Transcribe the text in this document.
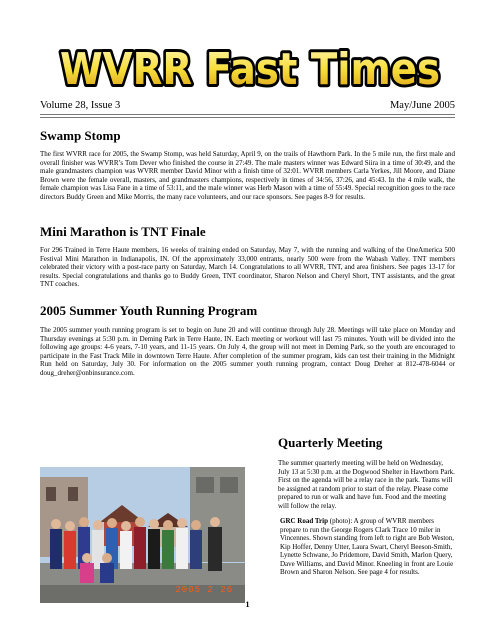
WVRR Fast Times
Volume 28, Issue 3	May/June 2005
Swamp Stomp

The first WVRR race for 2005, the Swamp Stomp, was held Saturday, April 9, on the trails of Hawthorn Park. In the 5 mile run, the first male and overall finisher was WVRR’s Tom Dever who finished the course in 27:49. The male masters winner was Edward Siira in a time of 30:49, and the male grandmasters champion was WVRR member David Minor with a finish time of 32:01. WVRR members Carla Yerkes, Jill Moore, and Diane Brown were the female overall, masters, and grandmasters champions, respectively in times of 34:56, 37:26, and 45:43. In the 4 mile walk, the female champion was Lisa Fane in a time of 53:11, and the male winner was Herb Mason with a time of 55:49. Special recognition goes to the race directors Buddy Green and Mike Morris, the many race volunteers, and our race sponsors. See pages 8-9 for results.

Mini Marathon is TNT Finale

For 296 Trained in Terre Haute members, 16 weeks of training ended on Saturday, May 7, with the running and walking of the OneAmerica 500 Festival Mini Marathon in Indianapolis, IN. Of the approximately 33,000 entrants, nearly 500 were from the Wabash Valley. TNT members celebrated their victory with a post-race party on Saturday, March 14. Congratulations to all WVRR, TNT, and area finishers. See pages 13-17 for results. Special congratulations and thanks go to Buddy Green, TNT coordinator, Sharon Nelson and Cheryl Short, TNT assistants, and the great TNT coaches.

2005 Summer Youth Running Program

The 2005 summer youth running program is set to begin on June 20 and will continue through July 28. Meetings will take place on Monday and Thursday evenings at 5:30 p.m. in Deming Park in Terre Haute, IN. Each meeting or workout will last 75 minutes. Youth will be divided into the following age groups: 4-6 years, 7-10 years, and 11-15 years. On July 4, the group will not meet in Deming Park, so the youth are encouraged to participate in the Fast Track Mile in downtown Terre Haute. After completion of the summer program, kids can test their training in the Midnight Run held on Saturday, July 30. For information on the 2005 summer youth running program, contact Doug Dreher at 812-478-6044 or doug_dreher@onbinsurance.com.

Quarterly Meeting

The summer quarterly meeting will be held on Wednesday, July 13 at 5:30 p.m. at the Dogwood Shelter in Hawthorn Park. First on the agenda will be a relay race in the park. Teams will be assigned at random prior to start of the relay. Please come prepared to run or walk and have fun. Food and the meeting will follow the relay.

2005 2 26

GRC Road Trip (photo): A group of WVRR members prepare to run the George Rogers Clark Trace 10 miler in Vincennes. Shown standing from left to right are Bob Weston, Kip Hoffer, Denny Utter, Laura Swart, Cheryl Beeson-Smith, Lynette Schwane, Jo Pridemore, David Smith, Marlon Query, Dave Williams, and David Minor. Kneeling in front are Louie Brown and Sharon Nelson. See page 4 for results.

1
